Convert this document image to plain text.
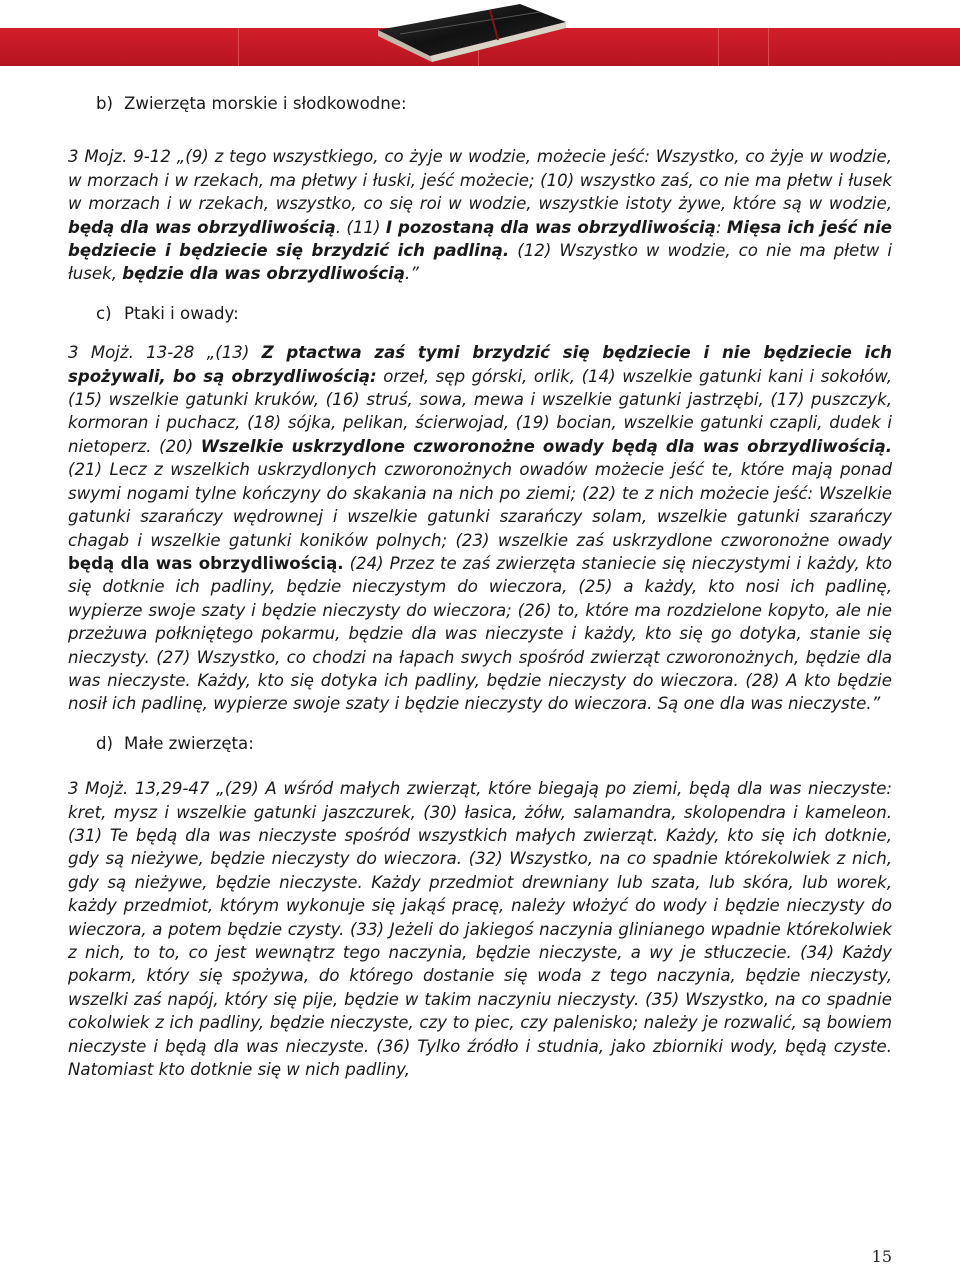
b) Zwierzęta morskie i słodkowodne:

3 Mojz. 9-12 „(9) z tego wszystkiego, co żyje w wodzie, możecie jeść: Wszystko, co żyje w wodzie, w morzach i w rzekach, ma płetwy i łuski, jeść możecie; (10) wszystko zaś, co nie ma płetw i łusek w morzach i w rzekach, wszystko, co się roi w wodzie, wszystkie istoty żywe, które są w wodzie, będą dla was obrzydliwością. (11) I pozostaną dla was obrzydliwością: Mięsa ich jeść nie będziecie i będziecie się brzydzić ich padliną. (12) Wszystko w wodzie, co nie ma płetw i łusek, będzie dla was obrzydliwością.”

c) Ptaki i owady:

3 Mojż. 13-28 „(13) Z ptactwa zaś tymi brzydzić się będziecie i nie będziecie ich spożywali, bo są obrzydliwością: orzeł, sęp górski, orlik, (14) wszelkie gatunki kani i sokołów, (15) wszelkie gatunki kruków, (16) struś, sowa, mewa i wszelkie gatunki jastrzębi, (17) puszczyk, kormoran i puchacz, (18) sójka, pelikan, ścierwojad, (19) bocian, wszelkie gatunki czapli, dudek i nietoperz. (20) Wszelkie uskrzydlone czworonożne owady będą dla was obrzydliwością. (21) Lecz z wszelkich uskrzydlonych czworonożnych owadów możecie jeść te, które mają ponad swymi nogami tylne kończyny do skakania na nich po ziemi; (22) te z nich możecie jeść: Wszelkie gatunki szarańczy wędrownej i wszelkie gatunki szarańczy solam, wszelkie gatunki szarańczy chagab i wszelkie gatunki koników polnych; (23) wszelkie zaś uskrzydlone czworonożne owady będą dla was obrzydliwością. (24) Przez te zaś zwierzęta staniecie się nieczystymi i każdy, kto się dotknie ich padliny, będzie nieczystym do wieczora, (25) a każdy, kto nosi ich padlinę, wypierze swoje szaty i będzie nieczysty do wieczora; (26) to, które ma rozdzielone kopyto, ale nie przeżuwa połkniętego pokarmu, będzie dla was nieczyste i każdy, kto się go dotyka, stanie się nieczysty. (27) Wszystko, co chodzi na łapach swych spośród zwierząt czworonożnych, będzie dla was nieczyste. Każdy, kto się dotyka ich padliny, będzie nieczysty do wieczora. (28) A kto będzie nosił ich padlinę, wypierze swoje szaty i będzie nieczysty do wieczora. Są one dla was nieczyste.”

d) Małe zwierzęta:

3 Mojż. 13,29-47 „(29) A wśród małych zwierząt, które biegają po ziemi, będą dla was nieczyste: kret, mysz i wszelkie gatunki jaszczurek, (30) łasica, żółw, salamandra, skolopendra i kameleon. (31) Te będą dla was nieczyste spośród wszystkich małych zwierząt. Każdy, kto się ich dotknie, gdy są nieżywe, będzie nieczysty do wieczora. (32) Wszystko, na co spadnie którekolwiek z nich, gdy są nieżywe, będzie nieczyste. Każdy przedmiot drewniany lub szata, lub skóra, lub worek, każdy przedmiot, którym wykonuje się jakąś pracę, należy włożyć do wody i będzie nieczysty do wieczora, a potem będzie czysty. (33) Jeżeli do jakiegoś naczynia glinianego wpadnie którekolwiek z nich, to to, co jest wewnątrz tego naczynia, będzie nieczyste, a wy je stłuczecie. (34) Każdy pokarm, który się spożywa, do którego dostanie się woda z tego naczynia, będzie nieczysty, wszelki zaś napój, który się pije, będzie w takim naczyniu nieczysty. (35) Wszystko, na co spadnie cokolwiek z ich padliny, będzie nieczyste, czy to piec, czy palenisko; należy je rozwalić, są bowiem nieczyste i będą dla was nieczyste. (36) Tylko źródło i studnia, jako zbiorniki wody, będą czyste. Natomiast kto dotknie się w nich padliny,

15
